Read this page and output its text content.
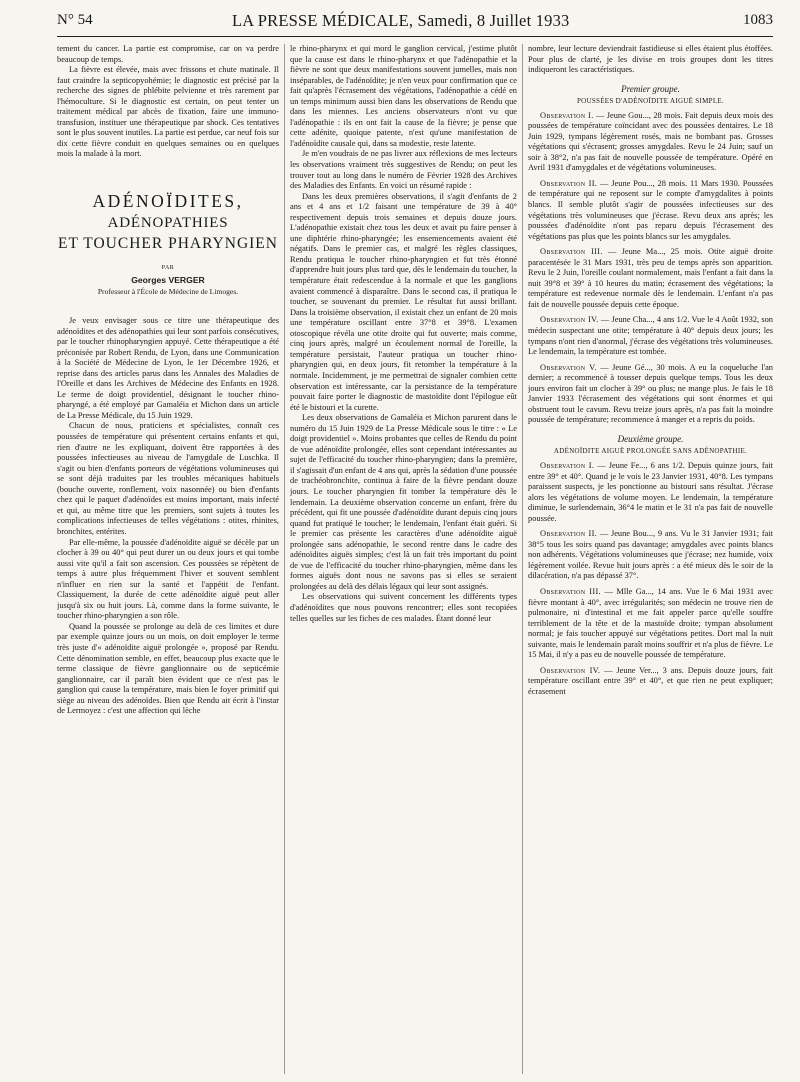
N° 54	LA PRESSE MÉDICALE, Samedi, 8 Juillet 1933	1083

tement du cancer. La partie est compromise, car on va perdre beaucoup de temps.

La fièvre est élevée, mais avec frissons et chute matinale. Il faut craindre la septicopyohémie; le diagnostic est précisé par la recherche des signes de phlébite pelvienne et très rarement par l'hémoculture. Si le diagnostic est certain, on peut tenter un traitement médical par abcès de fixation, faire une immuno-transfusion, instituer une thérapeutique par shock. Ces tentatives sont le plus souvent inutiles. La partie est perdue, car neuf fois sur dix cette fièvre conduit en quelques semaines ou en quelques mois la malade à la mort.

ADÉNOÏDITES,
ADÉNOPATHIES
ET TOUCHER PHARYNGIEN
PAR
Georges VERGER
Professeur à l'École de Médecine de Limoges.

Je veux envisager sous ce titre une thérapeutique des adénoïdites et des adénopathies qui leur sont parfois consécutives, par le toucher rhinopharyngien appuyé. Cette thérapeutique a été préconisée par Robert Rendu, de Lyon, dans une Communication à la Société de Médecine de Lyon, le 1er Décembre 1926, et reprise dans des articles parus dans les Annales des Maladies de l'Oreille et dans les Archives de Médecine des Enfants en 1928. Le terme de doigt providentiel, désignant le toucher rhino-pharyngé, a été employé par Gamaléia et Michon dans un article de La Presse Médicale, du 15 Juin 1929.

Chacun de nous, praticiens et spécialistes, connaît ces poussées de température qui présentent certains enfants et qui, rien d'autre ne les expliquant, doivent être rapportées à des poussées infectieuses au niveau de l'amygdale de Luschka. Il s'agit ou bien d'enfants porteurs de végétations volumineuses qui se sont déjà traduites par les troubles mécaniques habituels (bouche ouverte, ronflement, voix nasonnée) ou bien d'enfants chez qui le paquet d'adénoïdes est moins important, mais infecté et qui, au même titre que les premiers, sont sujets à toutes les complications infectieuses de telles végétations : otites, rhinites, bronchites, entérites.

Par elle-même, la poussée d'adénoïdite aiguë se décèle par un clocher à 39 ou 40° qui peut durer un ou deux jours et qui tombe aussi vite qu'il a fait son ascension. Ces poussées se répètent de temps à autre plus fréquemment l'hiver et souvent semblent n'influer en rien sur la santé et l'appétit de l'enfant. Classiquement, la durée de cette adénoïdite aiguë peut aller jusqu'à six ou huit jours. Là, comme dans la forme suivante, le toucher rhino-pharyngien a son rôle.

Quand la poussée se prolonge au delà de ces limites et dure par exemple quinze jours ou un mois, on doit employer le terme très juste d'« adénoïdite aiguë prolongée », proposé par Rendu. Cette dénomination semble, en effet, beaucoup plus exacte que le terme classique de fièvre ganglionnaire ou de septicémie ganglionnaire, car il paraît bien évident que ce n'est pas le ganglion qui cause la température, mais bien le foyer primitif qui siège au niveau des adénoïdes. Bien que Rendu ait écrit à l'instar de Lermoyez : c'est une affection qui lèche

le rhino-pharynx et qui mord le ganglion cervical, j'estime plutôt que la cause est dans le rhino-pharynx et que l'adénopathie et la fièvre ne sont que deux manifestations souvent jumelles, mais non inséparables, de l'adénoïdite; je n'en veux pour confirmation que ce fait qu'après l'écrasement des végétations, l'adénopathie a cédé en un temps minimum aussi bien dans les observations de Rendu que dans les miennes. Les anciens observateurs n'ont vu que l'adénopathie : ils en ont fait la cause de la fièvre; je pense que cette adénite, quoique patente, n'est qu'une manifestation de l'adénoïdite causale qui, dans sa modestie, reste latente.

Je m'en voudrais de ne pas livrer aux réflexions de mes lecteurs les observations vraiment très suggestives de Rendu; on peut les trouver tout au long dans le numéro de Février 1928 des Archives des Maladies des Enfants. En voici un résumé rapide :

Dans les deux premières observations, il s'agit d'enfants de 2 ans et 4 ans et 1/2 faisant une température de 39 à 40° respectivement depuis trois semaines et depuis douze jours. L'adénopathie existait chez tous les deux et avait pu faire penser à une diphtérie rhino-pharyngée; les ensemencements avaient été négatifs. Dans le premier cas, et malgré les règles classiques, Rendu pratiqua le toucher rhino-pharyngien et fut très étonné d'apprendre huit jours plus tard que, dès le lendemain du toucher, la température était redescendue à la normale et que les ganglions avaient commencé à disparaître. Dans le second cas, il pratiqua le toucher, se souvenant du premier. Le résultat fut aussi brillant. Dans la troisième observation, il existait chez un enfant de 20 mois une température oscillant entre 37°8 et 39°8. L'examen otoscopique révéla une otite droite qui fut ouverte; mais comme, cinq jours après, malgré un écoulement normal de l'oreille, la température persistait, l'auteur pratiqua un toucher rhino-pharyngien qui, en deux jours, fit retomber la température à la normale. Incidemment, je me permettrai de signaler combien cette observation est intéressante, car la persistance de la température pouvait faire porter le diagnostic de mastoïdite dont l'épilogue eût été le bistouri et la curette.

Les deux observations de Gamaléia et Michon parurent dans le numéro du 15 Juin 1929 de La Presse Médicale sous le titre : « Le doigt providentiel ». Moins probantes que celles de Rendu du point de vue adénoïdite prolongée, elles sont cependant intéressantes au sujet de l'efficacité du toucher rhino-pharyngien; dans la première, il s'agissait d'un enfant de 4 ans qui, après la sédation d'une poussée de trachéobronchite, continua à faire de la fièvre pendant douze jours. Le toucher pharyngien fit tomber la température dès le lendemain. La deuxième observation concerne un enfant, frère du précédent, qui fit une poussée d'adénoïdite durant depuis cinq jours quand fut pratiqué le toucher; le lendemain, l'enfant était guéri. Si le premier cas présente les caractères d'une adénoïdite aiguë prolongée sans adénopathie, le second rentre dans le cadre des adénoïdites aiguës simples; c'est là un fait très important du point de vue de l'efficacité du toucher rhino-pharyngien, même dans les formes aiguës dont nous ne savons pas si elles se seraient prolongées au delà des délais légaux qui leur sont assignés.

Les observations qui suivent concernent les différents types d'adénoïdites que nous pouvons rencontrer; elles sont recopiées telles quelles sur les fiches de ces malades. Étant donné leur

nombre, leur lecture deviendrait fastidieuse si elles étaient plus étoffées. Pour plus de clarté, je les divise en trois groupes dont les titres indiqueront les caractéristiques.

Premier groupe.
POUSSÉES D'ADÉNOÏDITE AIGUË SIMPLE.

Observation I. — Jeune Gou..., 28 mois. Fait depuis deux mois des poussées de température coïncidant avec des poussées dentaires. Le 18 Juin 1929, tympans légèrement rosés, mais ne bombant pas. Grosses végétations qui s'écrasent; grosses amygdales. Revu le 24 Juin; sauf un soir à 38°2, n'a pas fait de nouvelle poussée de température. Opéré en Avril 1931 d'amygdales et de végétations volumineuses.

Observation II. — Jeune Pou..., 28 mois. 11 Mars 1930. Poussées de température qui ne reposent sur le compte d'amygdalites à points blancs. Il semble plutôt s'agir de poussées infectieuses sur des végétations très volumineuses que j'écrase. Revu deux ans après; les poussées d'adénoïdite n'ont pas reparu depuis l'écrasement des végétations pas plus que les points blancs sur les amygdales.

Observation III. — Jeune Ma..., 25 mois. Otite aiguë droite paracentésée le 31 Mars 1931, très peu de temps après son apparition. Revu le 2 Juin, l'oreille coulant normalement, mais l'enfant a fait dans la nuit 39°8 et 39° à 10 heures du matin; écrasement des végétations; la température est redevenue normale dès le lendemain. L'enfant n'a pas fait de nouvelle poussée depuis cette époque.

Observation IV. — Jeune Cha..., 4 ans 1/2. Vue le 4 Août 1932, son médecin suspectant une otite; température à 40° depuis deux jours; les tympans n'ont rien d'anormal, j'écrase des végétations très volumineuses. Le lendemain, la température est tombée.

Observation V. — Jeune Gé..., 30 mois. A eu la coqueluche l'an dernier; a recommencé à tousser depuis quelque temps. Tous les deux jours environ fait un clocher à 39° ou plus; ne mange plus. Je fais le 18 Janvier 1933 l'écrasement des végétations qui sont énormes et qui obstruent tout le cavum. Revu treize jours après, n'a pas fait la moindre poussée de température; recommence à manger et a repris du poids.

Deuxième groupe.
ADÉNOÏDITE AIGUË PROLONGÉE SANS ADÉNOPATHIE.

Observation I. — Jeune Fe..., 6 ans 1/2. Depuis quinze jours, fait entre 39° et 40°. Quand je le vois le 23 Janvier 1931, 40°8. Les tympans paraissent suspects, je les ponctionne au bistouri sans résultat. J'écrase alors les végétations de volume moyen. Le lendemain, la température diminue, le surlendemain, 36°4 le matin et le 31 n'a pas fait de nouvelle poussée.

Observation II. — Jeune Bou..., 9 ans. Vu le 31 Janvier 1931; fait 38°5 tous les soirs quand pas davantage; amygdales avec points blancs non adhérents. Végétations volumineuses que j'écrase; nez humide, voix légèrement voilée. Revue huit jours après : a été mieux dès le soir de la dilacération, n'a pas dépassé 37°.

Observation III. — Mlle Ga..., 14 ans. Vue le 6 Mai 1931 avec fièvre montant à 40°, avec irrégularités; son médecin ne trouve rien de pulmonaire, ni d'intestinal et me fait appeler parce qu'elle souffre terriblement de la tête et de la mastoïde droite; tympan absolument normal; je fais toucher appuyé sur végétations petites. Dort mal la nuit suivante, mais le lendemain paraît moins souffrir et n'a plus de fièvre. Le 15 Mai, il n'y a pas eu de nouvelle poussée de température.

Observation IV. — Jeune Ver..., 3 ans. Depuis douze jours, fait température oscillant entre 39° et 40°, et que rien ne peut expliquer; écrasement
